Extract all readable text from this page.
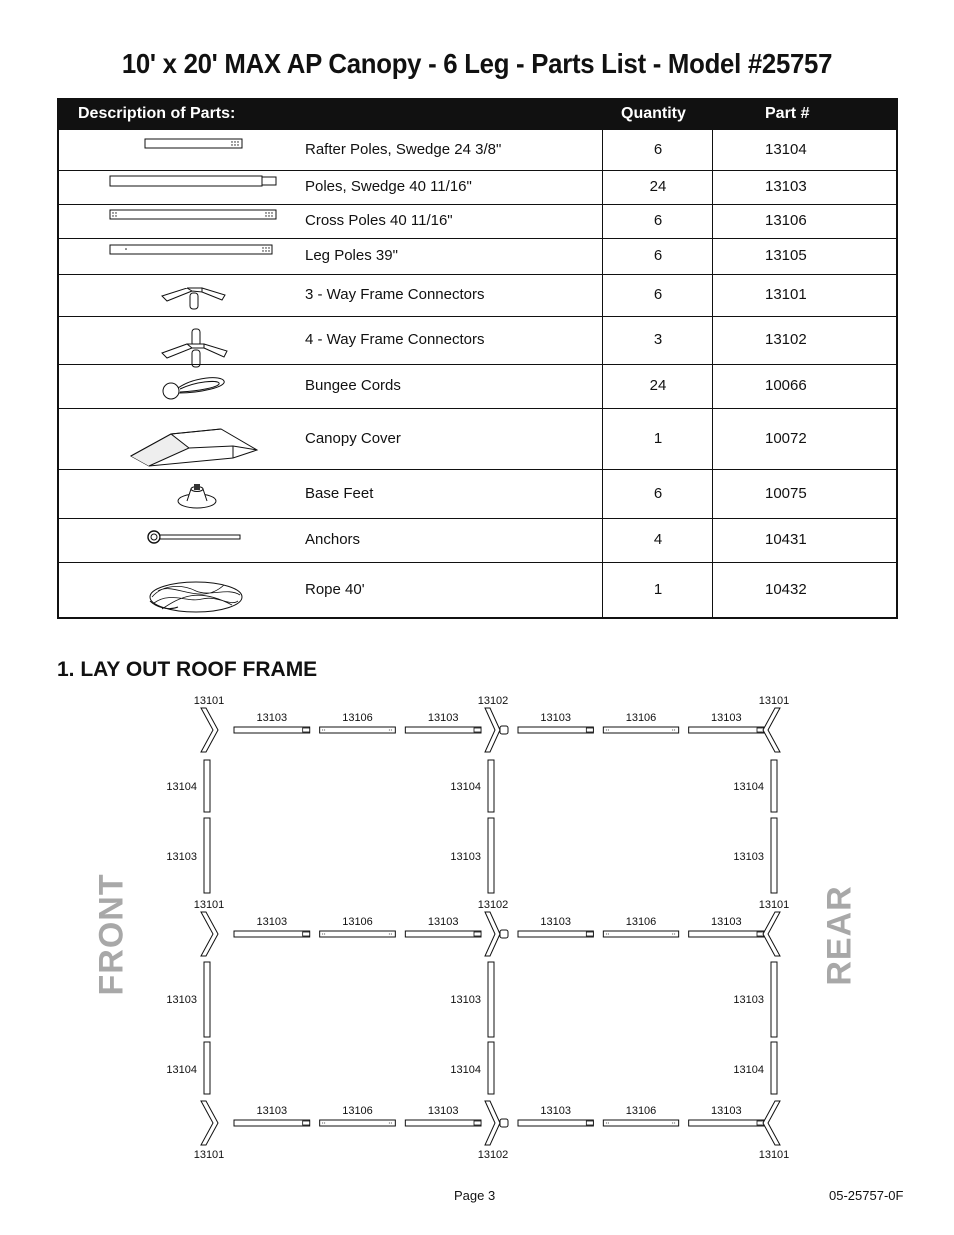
10' x 20' MAX AP Canopy - 6 Leg - Parts List - Model #25757
Description of Parts:	Quantity	Part #
Rafter Poles, Swedge 24 3/8"	6	13104
Poles, Swedge 40 11/16"	24	13103
Cross Poles 40 11/16"	6	13106
Leg Poles 39"	6	13105
3 - Way Frame Connectors	6	13101
4 - Way Frame Connectors	3	13102
Bungee Cords	24	10066
Canopy Cover	1	10072
Base Feet	6	10075
Anchors	4	10431
Rope 40'	1	10432
1. LAY OUT ROOF FRAME
FRONT	REAR
13103	13106	13103	13103	13106	13103
13103	13106	13103	13103	13106	13103
13103	13106	13103	13103	13106	13103
13104
13103
13103
13104
13104
13103
13103
13104
13104
13103
13103
13104
13101	13102	13101
13101	13102	13101
13101	13102	13101
Page 3	05-25757-0F
